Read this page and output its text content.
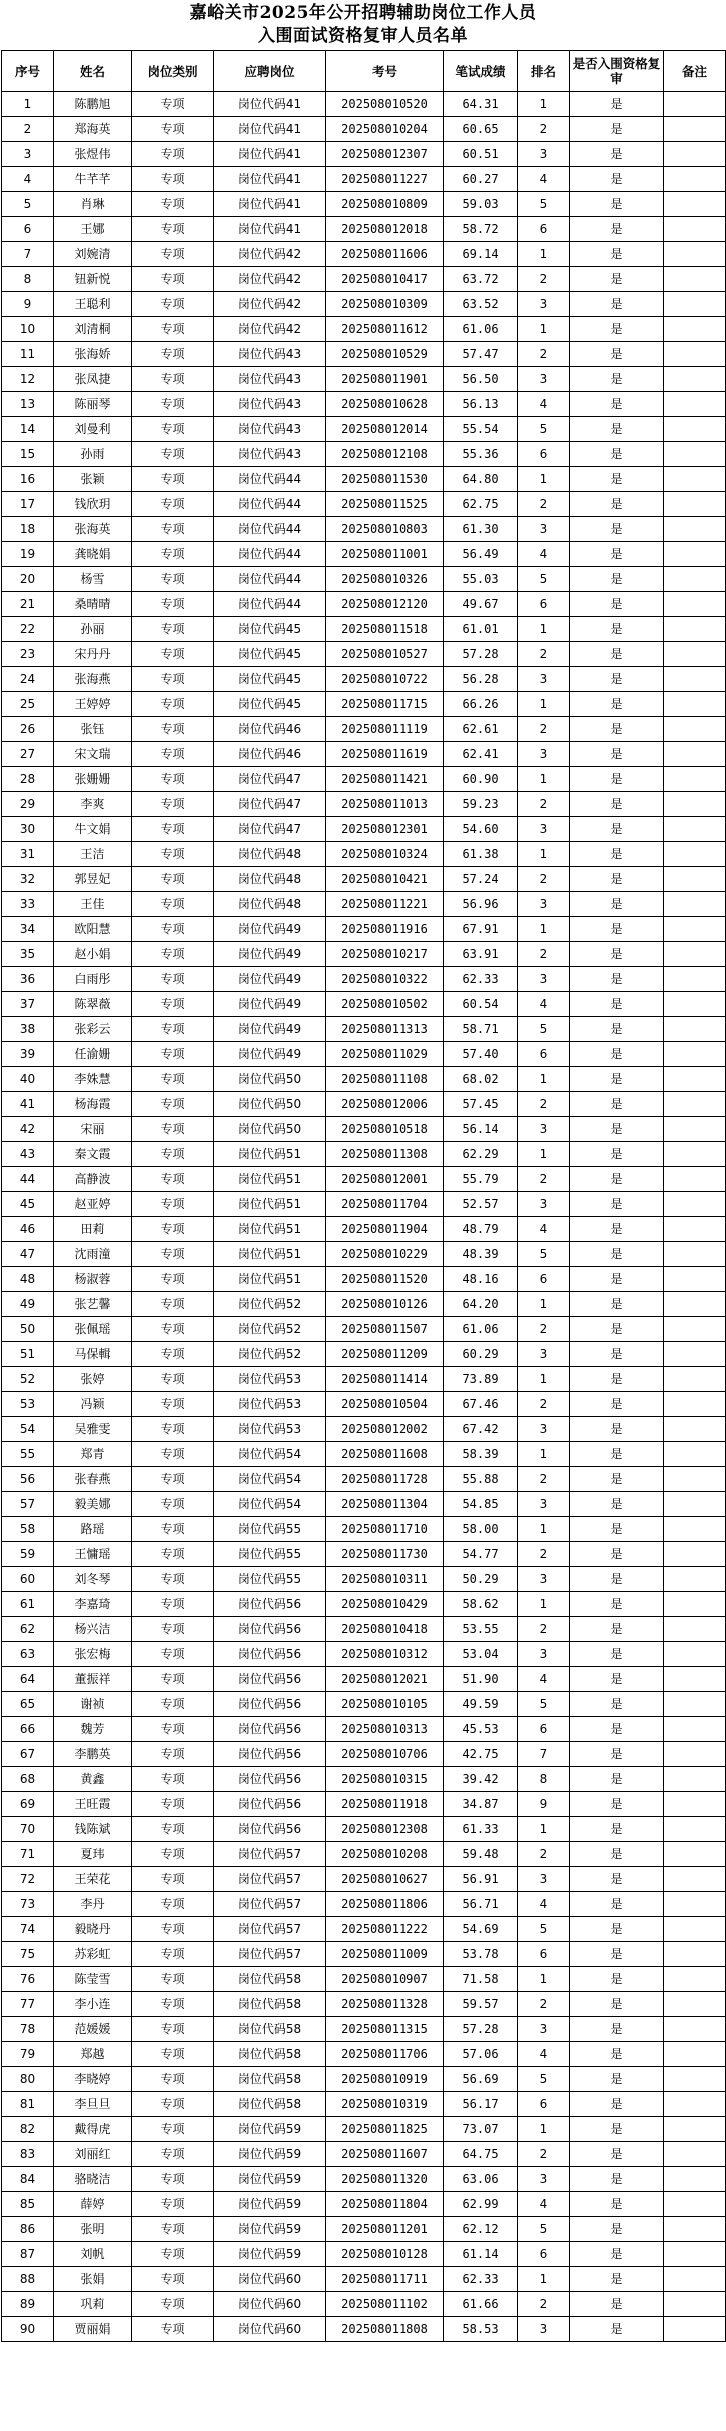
嘉峪关市2025年公开招聘辅助岗位工作人员
入围面试资格复审人员名单
序号	姓名	岗位类别	应聘岗位	考号	笔试成绩	排名	是否入围资格复审	备注
1	陈鹏旭	专项	岗位代码41	202508010520	64.31	1	是	
2	郑海英	专项	岗位代码41	202508010204	60.65	2	是	
3	张煜伟	专项	岗位代码41	202508012307	60.51	3	是	
4	牛芊芊	专项	岗位代码41	202508011227	60.27	4	是	
5	肖琳	专项	岗位代码41	202508010809	59.03	5	是	
6	王娜	专项	岗位代码41	202508012018	58.72	6	是	
7	刘婉清	专项	岗位代码42	202508011606	69.14	1	是	
8	钮新悦	专项	岗位代码42	202508010417	63.72	2	是	
9	王聪利	专项	岗位代码42	202508010309	63.52	3	是	
10	刘清桐	专项	岗位代码42	202508011612	61.06	1	是	
11	张海娇	专项	岗位代码43	202508010529	57.47	2	是	
12	张凤捷	专项	岗位代码43	202508011901	56.50	3	是	
13	陈丽琴	专项	岗位代码43	202508010628	56.13	4	是	
14	刘曼利	专项	岗位代码43	202508012014	55.54	5	是	
15	孙雨	专项	岗位代码43	202508012108	55.36	6	是	
16	张颖	专项	岗位代码44	202508011530	64.80	1	是	
17	钱欣玥	专项	岗位代码44	202508011525	62.75	2	是	
18	张海英	专项	岗位代码44	202508010803	61.30	3	是	
19	龚晓娟	专项	岗位代码44	202508011001	56.49	4	是	
20	杨雪	专项	岗位代码44	202508010326	55.03	5	是	
21	桑晴晴	专项	岗位代码44	202508012120	49.67	6	是	
22	孙丽	专项	岗位代码45	202508011518	61.01	1	是	
23	宋丹丹	专项	岗位代码45	202508010527	57.28	2	是	
24	张海燕	专项	岗位代码45	202508010722	56.28	3	是	
25	王婷婷	专项	岗位代码45	202508011715	66.26	1	是	
26	张钰	专项	岗位代码46	202508011119	62.61	2	是	
27	宋文瑞	专项	岗位代码46	202508011619	62.41	3	是	
28	张姗姗	专项	岗位代码47	202508011421	60.90	1	是	
29	李爽	专项	岗位代码47	202508011013	59.23	2	是	
30	牛文娟	专项	岗位代码47	202508012301	54.60	3	是	
31	王洁	专项	岗位代码48	202508010324	61.38	1	是	
32	郭昱妃	专项	岗位代码48	202508010421	57.24	2	是	
33	王佳	专项	岗位代码48	202508011221	56.96	3	是	
34	欧阳慧	专项	岗位代码49	202508011916	67.91	1	是	
35	赵小娟	专项	岗位代码49	202508010217	63.91	2	是	
36	白雨彤	专项	岗位代码49	202508010322	62.33	3	是	
37	陈翠薇	专项	岗位代码49	202508010502	60.54	4	是	
38	张彩云	专项	岗位代码49	202508011313	58.71	5	是	
39	任渝姗	专项	岗位代码49	202508011029	57.40	6	是	
40	李姝慧	专项	岗位代码50	202508011108	68.02	1	是	
41	杨海霞	专项	岗位代码50	202508012006	57.45	2	是	
42	宋丽	专项	岗位代码50	202508010518	56.14	3	是	
43	秦文霞	专项	岗位代码51	202508011308	62.29	1	是	
44	高静波	专项	岗位代码51	202508012001	55.79	2	是	
45	赵亚婷	专项	岗位代码51	202508011704	52.57	3	是	
46	田莉	专项	岗位代码51	202508011904	48.79	4	是	
47	沈雨潼	专项	岗位代码51	202508010229	48.39	5	是	
48	杨淑蓉	专项	岗位代码51	202508011520	48.16	6	是	
49	张艺馨	专项	岗位代码52	202508010126	64.20	1	是	
50	张佩瑶	专项	岗位代码52	202508011507	61.06	2	是	
51	马保輯	专项	岗位代码52	202508011209	60.29	3	是	
52	张婷	专项	岗位代码53	202508011414	73.89	1	是	
53	冯颖	专项	岗位代码53	202508010504	67.46	2	是	
54	吴雅雯	专项	岗位代码53	202508012002	67.42	3	是	
55	郑青	专项	岗位代码54	202508011608	58.39	1	是	
56	张春燕	专项	岗位代码54	202508011728	55.88	2	是	
57	毅美娜	专项	岗位代码54	202508011304	54.85	3	是	
58	路瑶	专项	岗位代码55	202508011710	58.00	1	是	
59	王慵瑶	专项	岗位代码55	202508011730	54.77	2	是	
60	刘冬琴	专项	岗位代码55	202508010311	50.29	3	是	
61	李嘉琦	专项	岗位代码56	202508010429	58.62	1	是	
62	杨兴洁	专项	岗位代码56	202508010418	53.55	2	是	
63	张宏梅	专项	岗位代码56	202508010312	53.04	3	是	
64	董振祥	专项	岗位代码56	202508012021	51.90	4	是	
65	谢祯	专项	岗位代码56	202508010105	49.59	5	是	
66	魏芳	专项	岗位代码56	202508010313	45.53	6	是	
67	李鹏英	专项	岗位代码56	202508010706	42.75	7	是	
68	黄鑫	专项	岗位代码56	202508010315	39.42	8	是	
69	王旺霞	专项	岗位代码56	202508011918	34.87	9	是	
70	钱陈斌	专项	岗位代码56	202508012308	61.33	1	是	
71	夏玮	专项	岗位代码57	202508010208	59.48	2	是	
72	王荣花	专项	岗位代码57	202508010627	56.91	3	是	
73	李丹	专项	岗位代码57	202508011806	56.71	4	是	
74	毅晓丹	专项	岗位代码57	202508011222	54.69	5	是	
75	苏彩虹	专项	岗位代码57	202508011009	53.78	6	是	
76	陈莹雪	专项	岗位代码58	202508010907	71.58	1	是	
77	李小连	专项	岗位代码58	202508011328	59.57	2	是	
78	范媛媛	专项	岗位代码58	202508011315	57.28	3	是	
79	郑越	专项	岗位代码58	202508011706	57.06	4	是	
80	李晓婷	专项	岗位代码58	202508010919	56.69	5	是	
81	李旦旦	专项	岗位代码58	202508010319	56.17	6	是	
82	戴得虎	专项	岗位代码59	202508011825	73.07	1	是	
83	刘丽红	专项	岗位代码59	202508011607	64.75	2	是	
84	骆晓洁	专项	岗位代码59	202508011320	63.06	3	是	
85	薛婷	专项	岗位代码59	202508011804	62.99	4	是	
86	张明	专项	岗位代码59	202508011201	62.12	5	是	
87	刘帆	专项	岗位代码59	202508010128	61.14	6	是	
88	张娟	专项	岗位代码60	202508011711	62.33	1	是	
89	巩莉	专项	岗位代码60	202508011102	61.66	2	是	
90	贾丽娟	专项	岗位代码60	202508011808	58.53	3	是	
